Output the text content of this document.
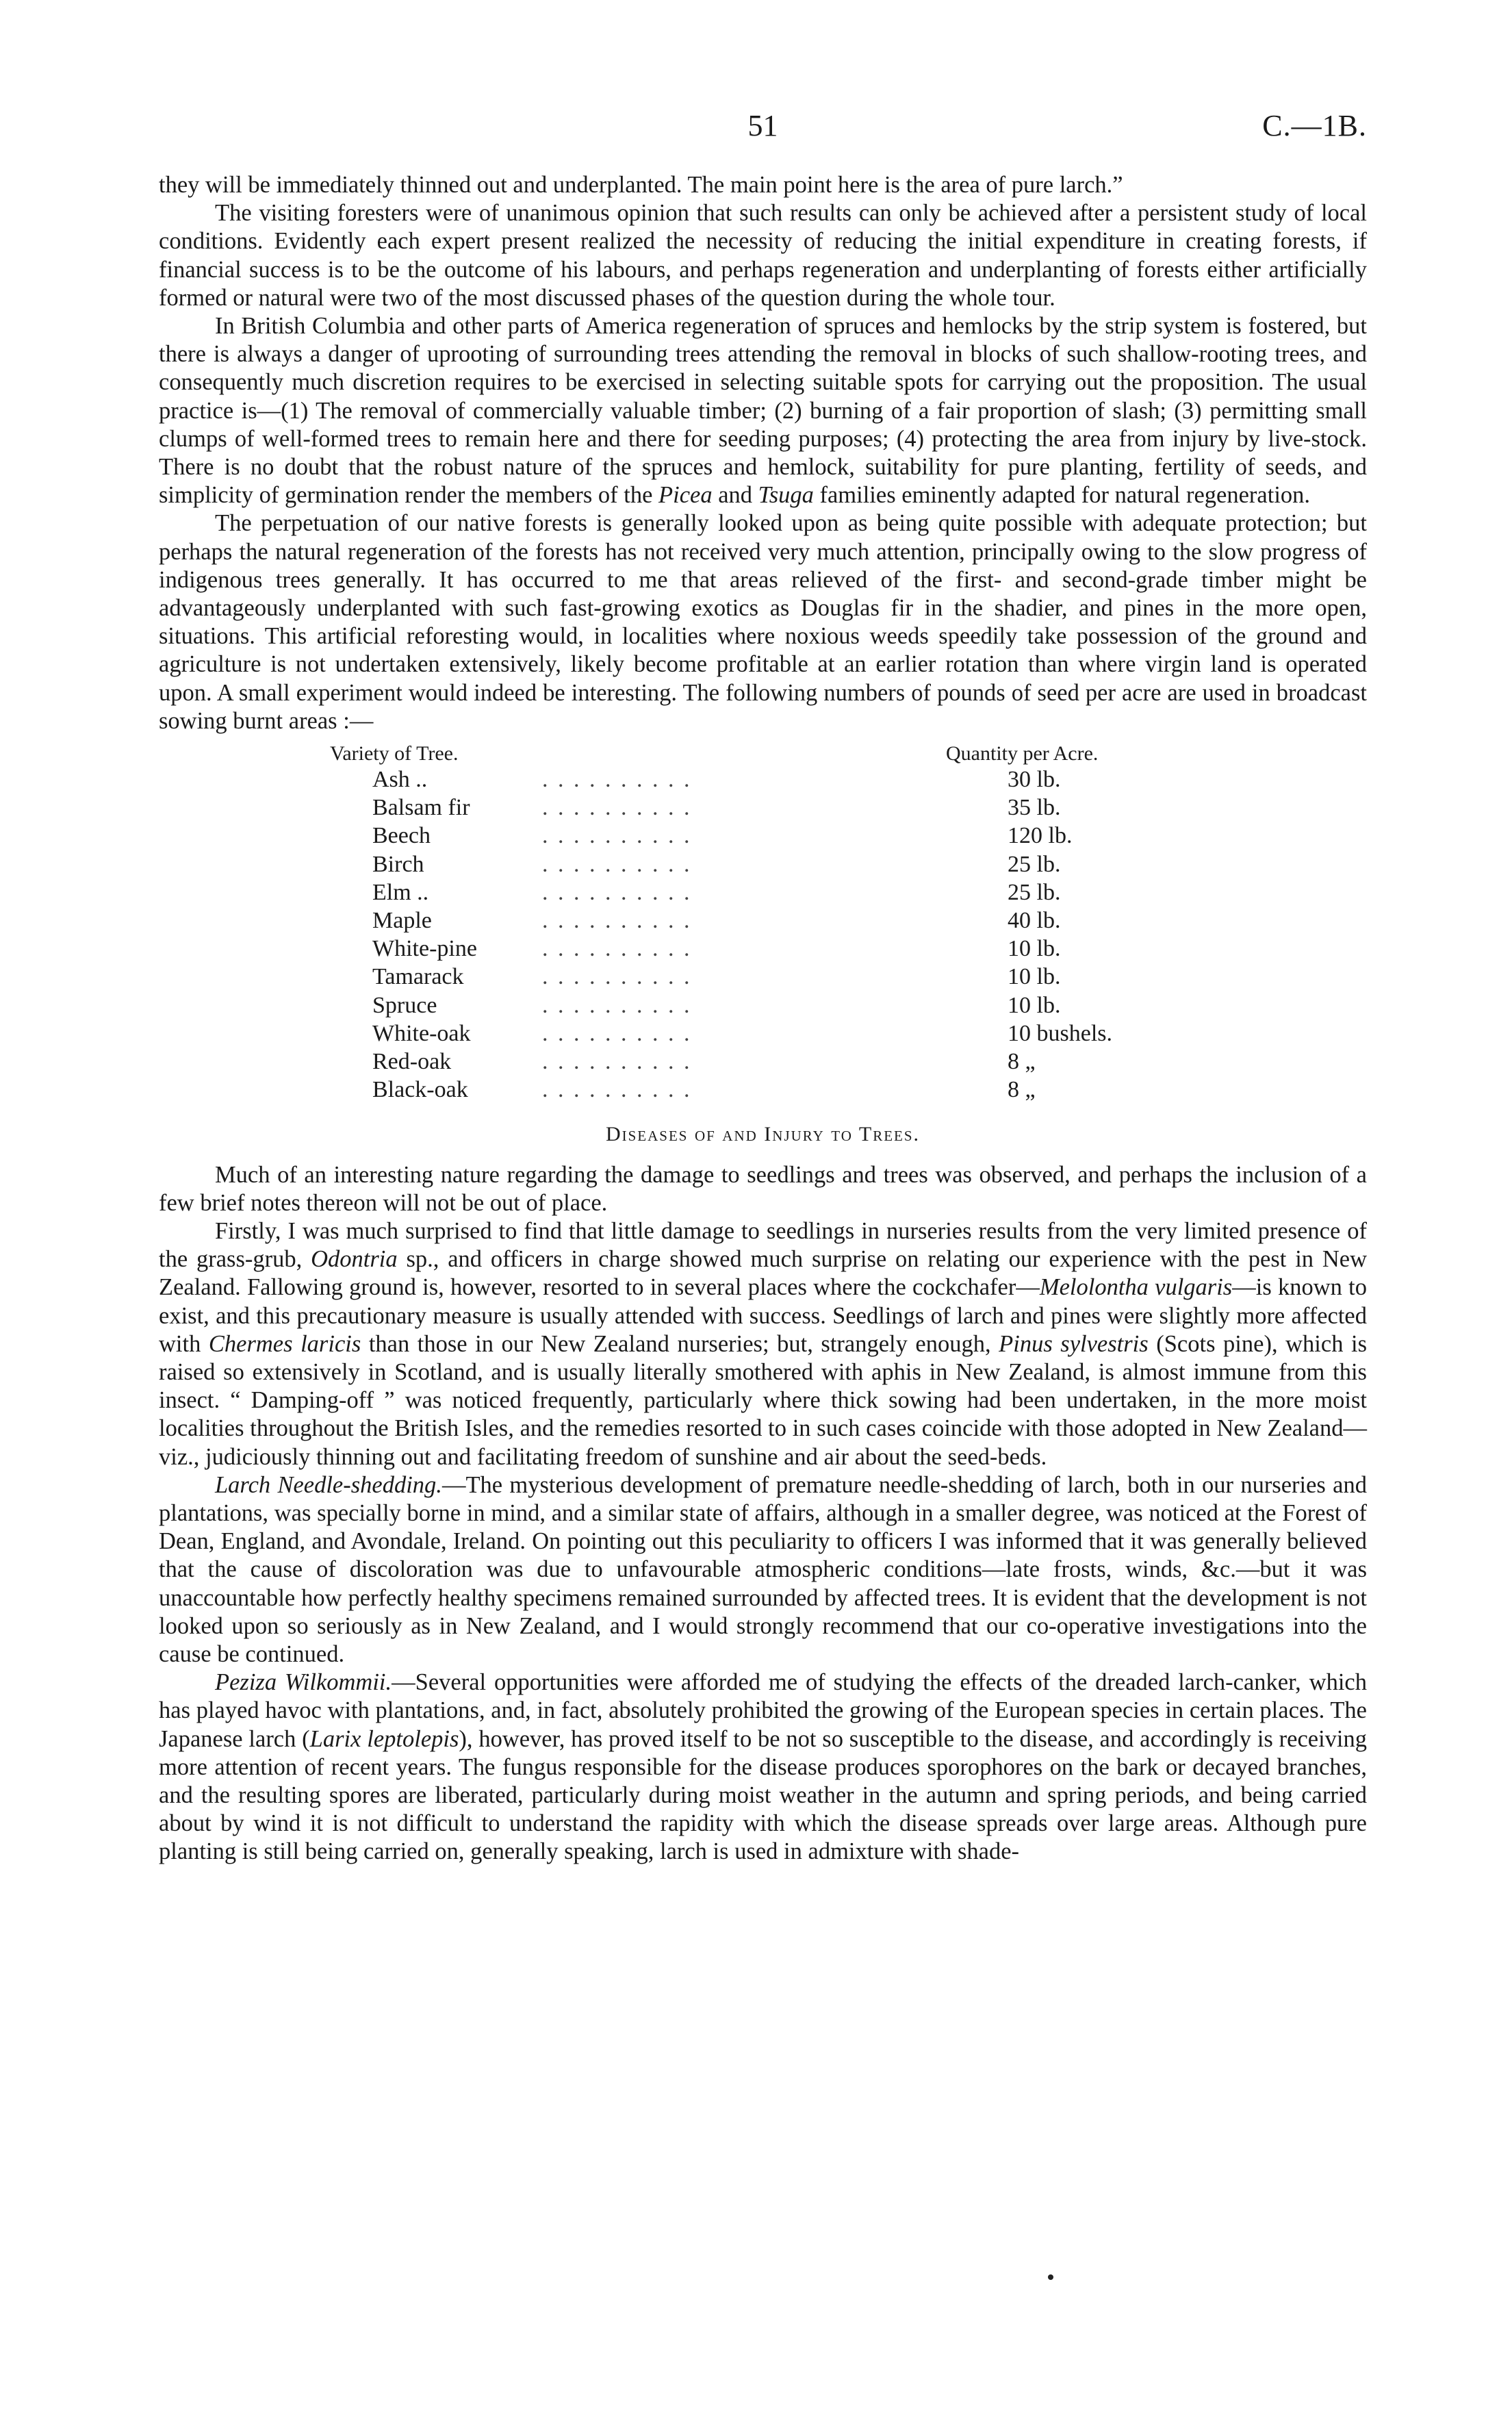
51	C.—1B.

they will be immediately thinned out and underplanted. The main point here is the area of pure larch.”

The visiting foresters were of unanimous opinion that such results can only be achieved after a persistent study of local conditions. Evidently each expert present realized the necessity of reducing the initial expenditure in creating forests, if financial success is to be the outcome of his labours, and perhaps regeneration and underplanting of forests either artificially formed or natural were two of the most discussed phases of the question during the whole tour.

In British Columbia and other parts of America regeneration of spruces and hemlocks by the strip system is fostered, but there is always a danger of uprooting of surrounding trees attending the removal in blocks of such shallow-rooting trees, and consequently much discretion requires to be exercised in selecting suitable spots for carrying out the proposition. The usual practice is—(1) The removal of commercially valuable timber; (2) burning of a fair proportion of slash; (3) permitting small clumps of well-formed trees to remain here and there for seeding purposes; (4) protecting the area from injury by live-stock. There is no doubt that the robust nature of the spruces and hemlock, suitability for pure planting, fertility of seeds, and simplicity of germination render the members of the Picea and Tsuga families eminently adapted for natural regeneration.

The perpetuation of our native forests is generally looked upon as being quite possible with adequate protection; but perhaps the natural regeneration of the forests has not received very much attention, principally owing to the slow progress of indigenous trees generally. It has occurred to me that areas relieved of the first- and second-grade timber might be advantageously underplanted with such fast-growing exotics as Douglas fir in the shadier, and pines in the more open, situations. This artificial reforesting would, in localities where noxious weeds speedily take possession of the ground and agriculture is not undertaken extensively, likely become profitable at an earlier rotation than where virgin land is operated upon. A small experiment would indeed be interesting. The following numbers of pounds of seed per acre are used in broadcast sowing burnt areas :—

Variety of Tree.	Quantity per Acre.
Ash ..	. . . . . . . . . .	30 lb.
Balsam fir	. . . . . . . . . .	35 lb.
Beech	. . . . . . . . . .	120 lb.
Birch	. . . . . . . . . .	25 lb.
Elm ..	. . . . . . . . . .	25 lb.
Maple	. . . . . . . . . .	40 lb.
White-pine	. . . . . . . . . .	10 lb.
Tamarack	. . . . . . . . . .	10 lb.
Spruce	. . . . . . . . . .	10 lb.
White-oak	. . . . . . . . . .	10 bushels.
Red-oak	. . . . . . . . . .	8 „
Black-oak	. . . . . . . . . .	8 „
Diseases of and Injury to Trees.

Much of an interesting nature regarding the damage to seedlings and trees was observed, and perhaps the inclusion of a few brief notes thereon will not be out of place.

Firstly, I was much surprised to find that little damage to seedlings in nurseries results from the very limited presence of the grass-grub, Odontria sp., and officers in charge showed much surprise on relating our experience with the pest in New Zealand. Fallowing ground is, however, resorted to in several places where the cockchafer—Melolontha vulgaris—is known to exist, and this precautionary measure is usually attended with success. Seedlings of larch and pines were slightly more affected with Chermes laricis than those in our New Zealand nurseries; but, strangely enough, Pinus sylvestris (Scots pine), which is raised so extensively in Scotland, and is usually literally smothered with aphis in New Zealand, is almost immune from this insect. “ Damping-off ” was noticed frequently, particularly where thick sowing had been undertaken, in the more moist localities throughout the British Isles, and the remedies resorted to in such cases coincide with those adopted in New Zealand—viz., judiciously thinning out and facilitating freedom of sunshine and air about the seed-beds.

Larch Needle-shedding.—The mysterious development of premature needle-shedding of larch, both in our nurseries and plantations, was specially borne in mind, and a similar state of affairs, although in a smaller degree, was noticed at the Forest of Dean, England, and Avondale, Ireland. On pointing out this peculiarity to officers I was informed that it was generally believed that the cause of discoloration was due to unfavourable atmospheric conditions—late frosts, winds, &c.—but it was unaccountable how perfectly healthy specimens remained surrounded by affected trees. It is evident that the development is not looked upon so seriously as in New Zealand, and I would strongly recommend that our co-operative investigations into the cause be continued.

Peziza Wilkommii.—Several opportunities were afforded me of studying the effects of the dreaded larch-canker, which has played havoc with plantations, and, in fact, absolutely prohibited the growing of the European species in certain places. The Japanese larch (Larix leptolepis), however, has proved itself to be not so susceptible to the disease, and accordingly is receiving more attention of recent years. The fungus responsible for the disease produces sporophores on the bark or decayed branches, and the resulting spores are liberated, particularly during moist weather in the autumn and spring periods, and being carried about by wind it is not difficult to understand the rapidity with which the disease spreads over large areas. Although pure planting is still being carried on, generally speaking, larch is used in admixture with shade-
